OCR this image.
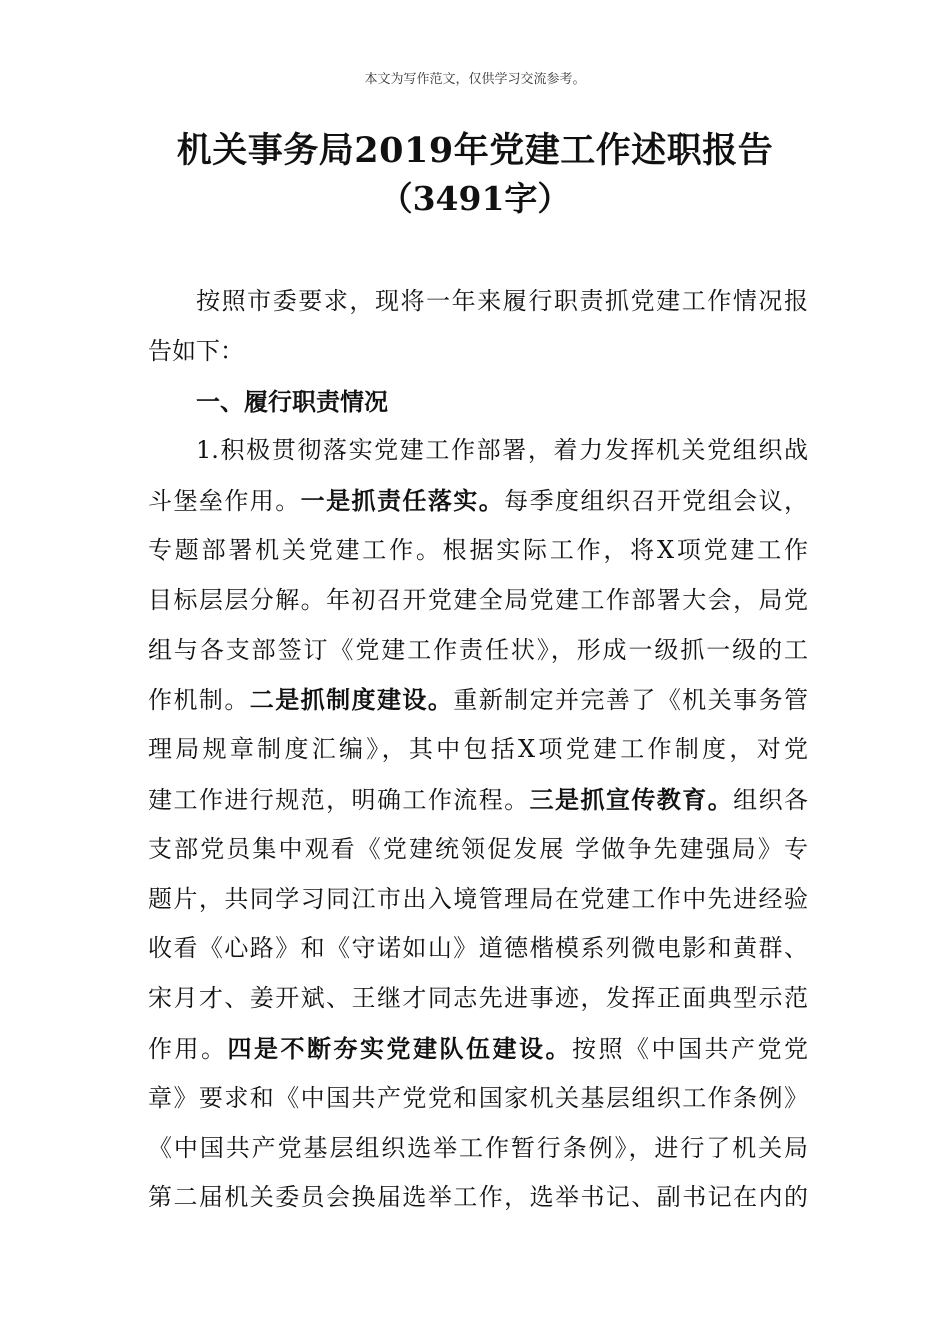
本文为写作范文，仅供学习交流参考。
机关事务局2019年党建工作述职报告
（3491字）
按照市委要求，现将一年来履行职责抓党建工作情况报
告如下：
一、履行职责情况
1.积极贯彻落实党建工作部署，着力发挥机关党组织战
斗堡垒作用。一是抓责任落实。每季度组织召开党组会议，
专题部署机关党建工作。根据实际工作，将X项党建工作
目标层层分解。年初召开党建全局党建工作部署大会，局党
组与各支部签订《党建工作责任状》，形成一级抓一级的工
作机制。二是抓制度建设。重新制定并完善了《机关事务管
理局规章制度汇编》，其中包括X项党建工作制度，对党
建工作进行规范，明确工作流程。三是抓宣传教育。组织各
支部党员集中观看《党建统领促发展 学做争先建强局》专
题片，共同学习同江市出入境管理局在党建工作中先进经验
收看《心路》和《守诺如山》道德楷模系列微电影和黄群、
宋月才、姜开斌、王继才同志先进事迹，发挥正面典型示范
作用。四是不断夯实党建队伍建设。按照《中国共产党党
章》要求和《中国共产党党和国家机关基层组织工作条例》
《中国共产党基层组织选举工作暂行条例》，进行了机关局
第二届机关委员会换届选举工作，选举书记、副书记在内的
